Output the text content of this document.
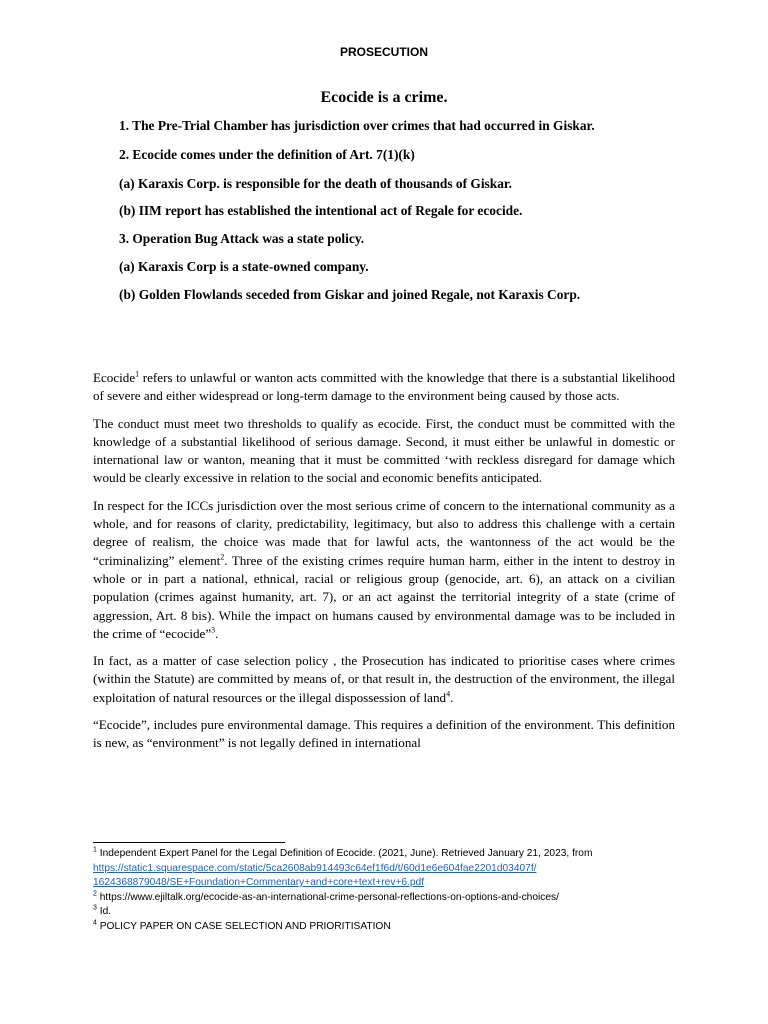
PROSECUTION
Ecocide is a crime.
1. The Pre-Trial Chamber has jurisdiction over crimes that had occurred in Giskar.
2. Ecocide comes under the definition of Art. 7(1)(k)
(a) Karaxis Corp. is responsible for the death of thousands of Giskar.
(b) IIM report has established the intentional act of Regale for ecocide.
3. Operation Bug Attack was a state policy.
(a) Karaxis Corp is a state-owned company.
(b) Golden Flowlands seceded from Giskar and joined Regale, not Karaxis Corp.

Ecocide$^1$ refers to unlawful or wanton acts committed with the knowledge that there is a substantial likelihood of severe and either widespread or long-term damage to the environment being caused by those acts.

The conduct must meet two thresholds to qualify as ecocide. First, the conduct must be committed with the knowledge of a substantial likelihood of serious damage. Second, it must either be unlawful in domestic or international law or wanton, meaning that it must be committed ‘with reckless disregard for damage which would be clearly excessive in relation to the social and economic benefits anticipated.

In respect for the ICCs jurisdiction over the most serious crime of concern to the international community as a whole, and for reasons of clarity, predictability, legitimacy, but also to address this challenge with a certain degree of realism, the choice was made that for lawful acts, the wantonness of the act would be the “criminalizing” element$^2$. Three of the existing crimes require human harm, either in the intent to destroy in whole or in part a national, ethnical, racial or religious group (genocide, art. 6), an attack on a civilian population (crimes against humanity, art. 7), or an act against the territorial integrity of a state (crime of aggression, Art. 8 bis). While the impact on humans caused by environmental damage was to be included in the crime of “ecocide”$^3$.

In fact, as a matter of case selection policy , the Prosecution has indicated to prioritise cases where crimes (within the Statute) are committed by means of, or that result in, the destruction of the environment, the illegal exploitation of natural resources or the illegal dispossession of land$^4$.

“Ecocide”, includes pure environmental damage. This requires a definition of the environment. This definition is new, as “environment” is not legally defined in international

$^1$ Independent Expert Panel for the Legal Definition of Ecocide. (2021, June). Retrieved January 21, 2023, from
https://static1.squarespace.com/static/5ca2608ab914493c64ef1f6d/t/60d1e6e604fae2201d03407f/
1624368879048/SE+Foundation+Commentary+and+core+text+rev+6.pdf

$^2$ https://www.ejiltalk.org/ecocide-as-an-international-crime-personal-reflections-on-options-and-choices/

$^3$ Id.

$^4$ POLICY PAPER ON CASE SELECTION AND PRIORITISATION
